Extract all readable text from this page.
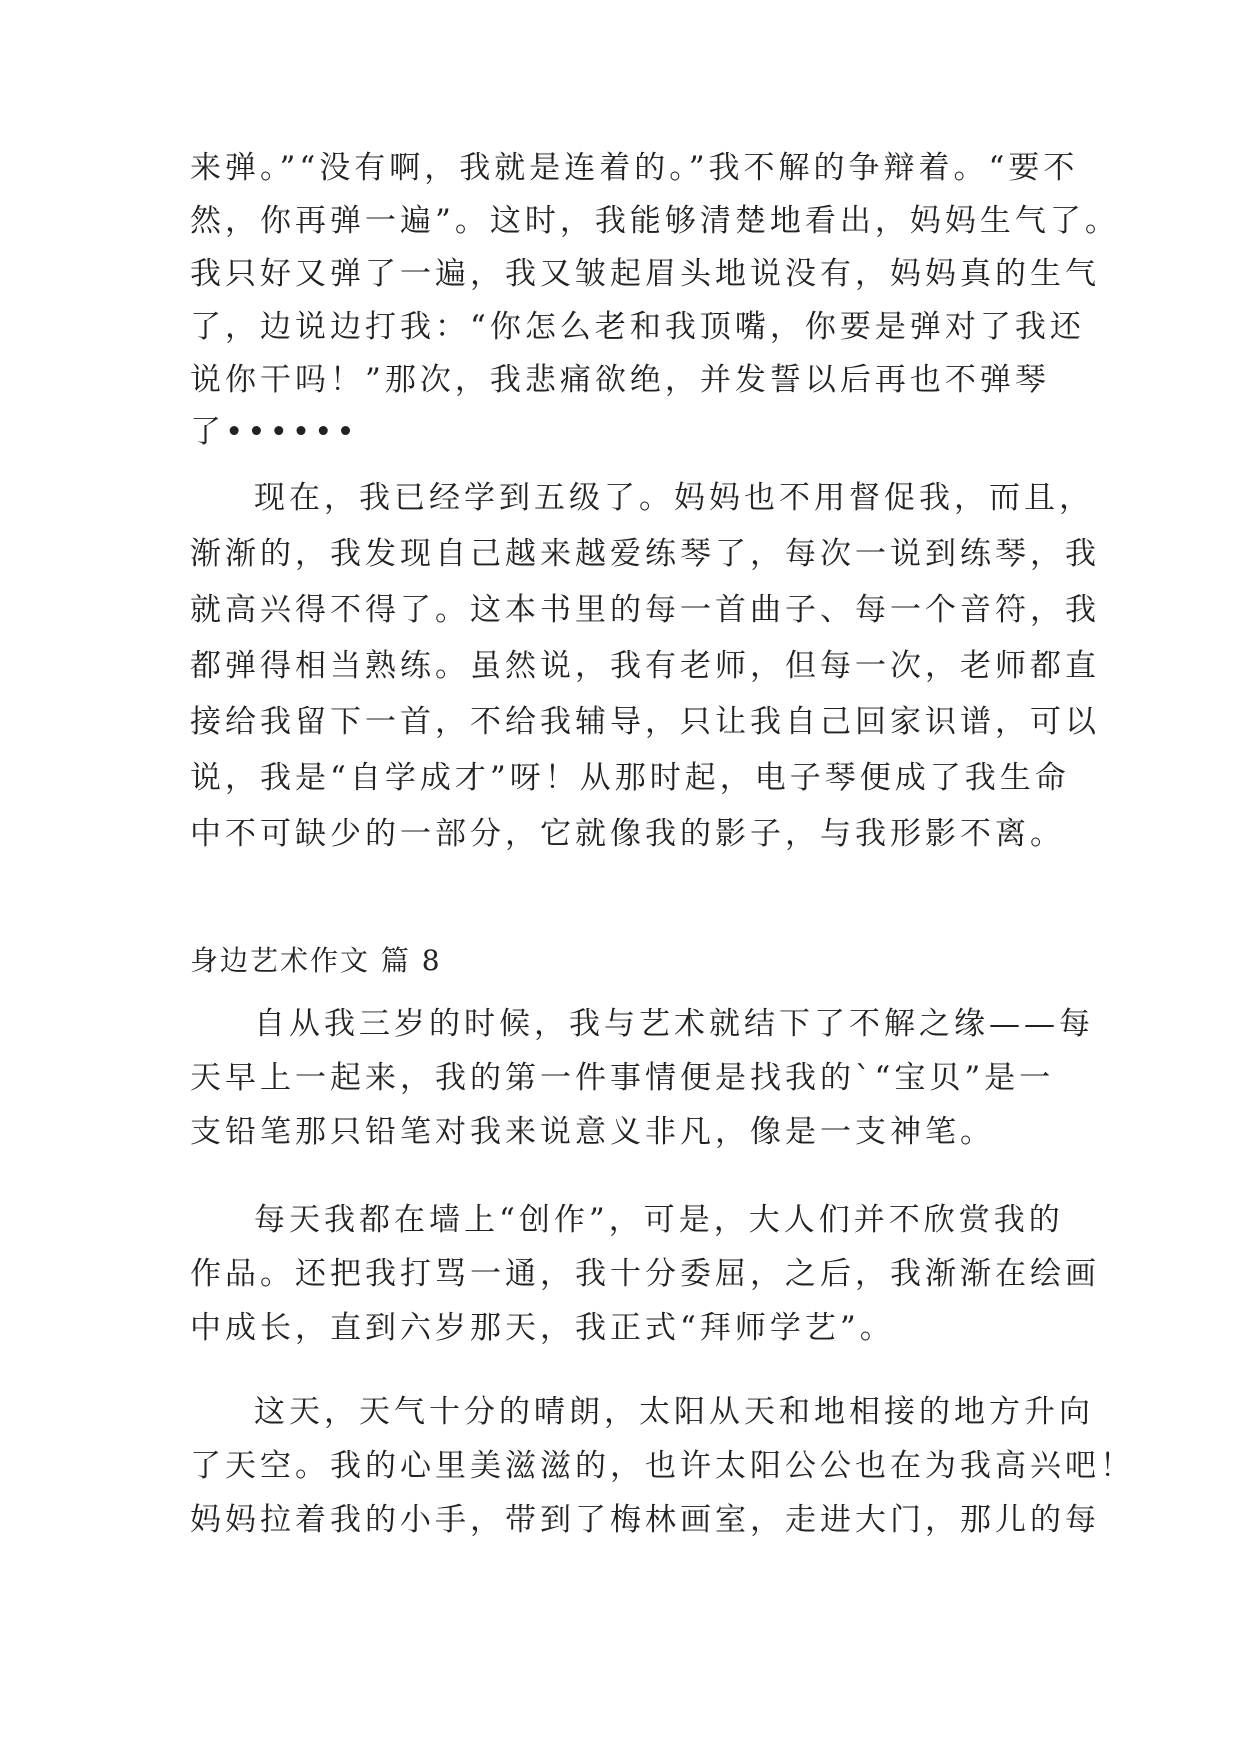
来弹。”“没有啊，我就是连着的。”我不解的争辩着。“要不
然，你再弹一遍”。这时，我能够清楚地看出，妈妈生气了。
我只好又弹了一遍，我又皱起眉头地说没有，妈妈真的生气
了，边说边打我：“你怎么老和我顶嘴，你要是弹对了我还
说你干吗！”那次，我悲痛欲绝，并发誓以后再也不弹琴
了••••••
现在，我已经学到五级了。妈妈也不用督促我，而且，
渐渐的，我发现自己越来越爱练琴了，每次一说到练琴，我
就高兴得不得了。这本书里的每一首曲子、每一个音符，我
都弹得相当熟练。虽然说，我有老师，但每一次，老师都直
接给我留下一首，不给我辅导，只让我自己回家识谱，可以
说，我是“自学成才”呀！从那时起，电子琴便成了我生命
中不可缺少的一部分，它就像我的影子，与我形影不离。
身边艺术作文 篇 8
自从我三岁的时候，我与艺术就结下了不解之缘——每
天早上一起来，我的第一件事情便是找我的`“宝贝”是一
支铅笔那只铅笔对我来说意义非凡，像是一支神笔。
每天我都在墙上“创作”，可是，大人们并不欣赏我的
作品。还把我打骂一通，我十分委屈，之后，我渐渐在绘画
中成长，直到六岁那天，我正式“拜师学艺”。
这天，天气十分的晴朗，太阳从天和地相接的地方升向
了天空。我的心里美滋滋的，也许太阳公公也在为我高兴吧！
妈妈拉着我的小手，带到了梅林画室，走进大门，那儿的每
